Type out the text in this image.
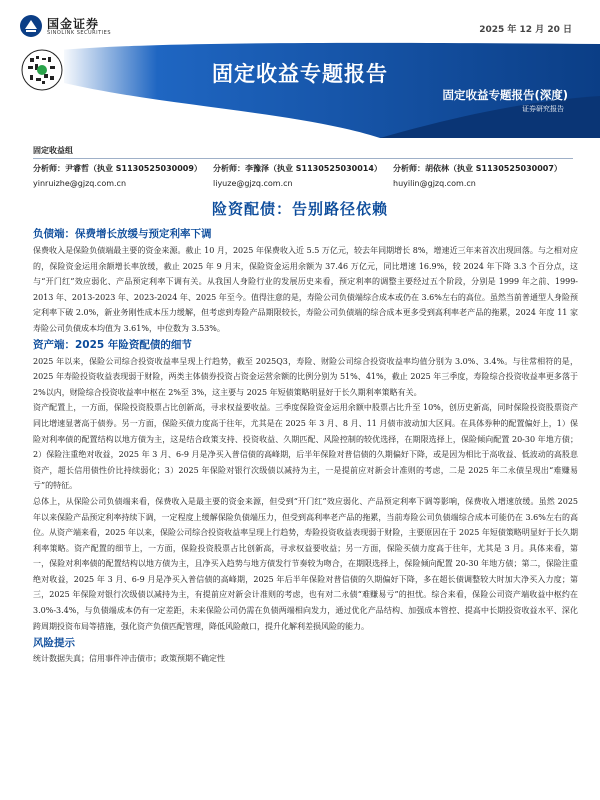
国金证券
SINOLINK SECURITIES	2025 年 12 月 20 日
固定收益专题报告
固定收益专题报告(深度)
证券研究报告
固定收益组
分析师：尹睿哲（执业 S1130525030009）
yinruizhe@gjzq.com.cn
分析师：李豫泽（执业 S1130525030014）
liyuze@gjzq.com.cn
分析师：胡依林（执业 S1130525030007）
huyilin@gjzq.com.cn
险资配债：告别路径依赖
负债端：保费增长放缓与预定利率下调

保费收入是保险负债端最主要的资金来源。截止 10 月，2025 年保费收入近 5.5 万亿元，较去年同期增长 8%，增速近三年来首次出现回落。与之相对应的，保险资金运用余额增长率放缓，截止 2025 年 9 月末，保险资金运用余额为 37.46 万亿元，同比增速 16.9%，较 2024 年下降 3.3 个百分点，这与“开门红”效应弱化、产品预定利率下调有关。从我国人身险行业的发展历史来看，预定利率的调整主要经过五个阶段，分别是 1999 年之前、1999-2013 年、2013-2023 年、2023-2024 年、2025 年至今。值得注意的是，寿险公司负债端综合成本或仍在 3.6%左右的高位。虽然当前普通型人身险预定利率下破 2.0%，新业务刚性成本压力缓解，但考虑到寿险产品期限较长，寿险公司负债端的综合成本更多受到高利率老产品的拖累，2024 年度 11 家寿险公司负债成本均值为 3.61%，中位数为 3.53%。

资产端：2025 年险资配债的细节

2025 年以来，保险公司综合投资收益率呈现上行趋势，截至 2025Q3，寿险、财险公司综合投资收益率均值分别为 3.0%、3.4%。与往常相符的是，2025 年寿险投资收益表现弱于财险，两类主体债券投资占资金运营余额的比例分别为 51%、41%，截止 2025 年三季度，寿险综合投资收益率更多落于 2%以内，财险综合投资收益率中枢在 2%至 3%，这主要与 2025 年短债策略明显好于长久期利率策略有关。

资产配置上，一方面，保险投资股票占比创新高，寻求权益要收益。三季度保险资金运用余额中股票占比升至 10%，创历史新高，同时保险投资股票资产同比增速显著高于债券。另一方面，保险买债力度高于往年，尤其是在 2025 年 3 月、8 月、11 月债市波动加大区间。在具体券种的配置偏好上，1）保险对利率债的配置结构以地方债为主，这是结合政策支持、投资收益、久期匹配、风险控制的较优选择，在期限选择上，保险倾向配置 20-30 年地方债；2）保险注重绝对收益，2025 年 3 月、6-9 月是净买入普信债的高峰期，后半年保险对普信债的久期偏好下降，或是因为相比于高收益、低波动的高股息资产，超长信用债性价比持续弱化；3）2025 年保险对银行次级债以减持为主，一是提前应对新会计准则的考虑，二是 2025 年二永债呈现出“难赚易亏”的特征。

总体上，从保险公司负债端来看，保费收入是最主要的资金来源，但受到“开门红”效应弱化、产品预定利率下调等影响，保费收入增速放缓。虽然 2025 年以来保险产品预定利率持续下调，一定程度上缓解保险负债端压力，但受到高利率老产品的拖累，当前寿险公司负债端综合成本可能仍在 3.6%左右的高位。从资产端来看，2025 年以来，保险公司综合投资收益率呈现上行趋势，寿险投资收益表现弱于财险，主要原因在于 2025 年短债策略明显好于长久期利率策略。资产配置的细节上，一方面，保险投资股票占比创新高，寻求权益要收益；另一方面，保险买债力度高于往年，尤其是 3 月。具体来看，第一，保险对利率债的配置结构以地方债为主，且净买入趋势与地方债发行节奏较为吻合，在期限选择上，保险倾向配置 20-30 年地方债；第二，保险注重绝对收益，2025 年 3 月、6-9 月是净买入普信债的高峰期，2025 年后半年保险对普信债的久期偏好下降，多在超长债调整较大时加大净买入力度；第三，2025 年保险对银行次级债以减持为主，有提前应对新会计准则的考虑，也有对二永债“难赚易亏”的担忧。综合来看，保险公司资产端收益中枢约在 3.0%-3.4%，与负债端成本仍有一定差距，未来保险公司仍需在负债两端相向发力，通过优化产品结构、加强成本管控、提高中长期投资收益水平、深化跨周期投资布局等措施，强化资产负债匹配管理，降低风险敞口，提升化解利差损风险的能力。

风险提示

统计数据失真；信用事件冲击债市；政策预期不确定性
